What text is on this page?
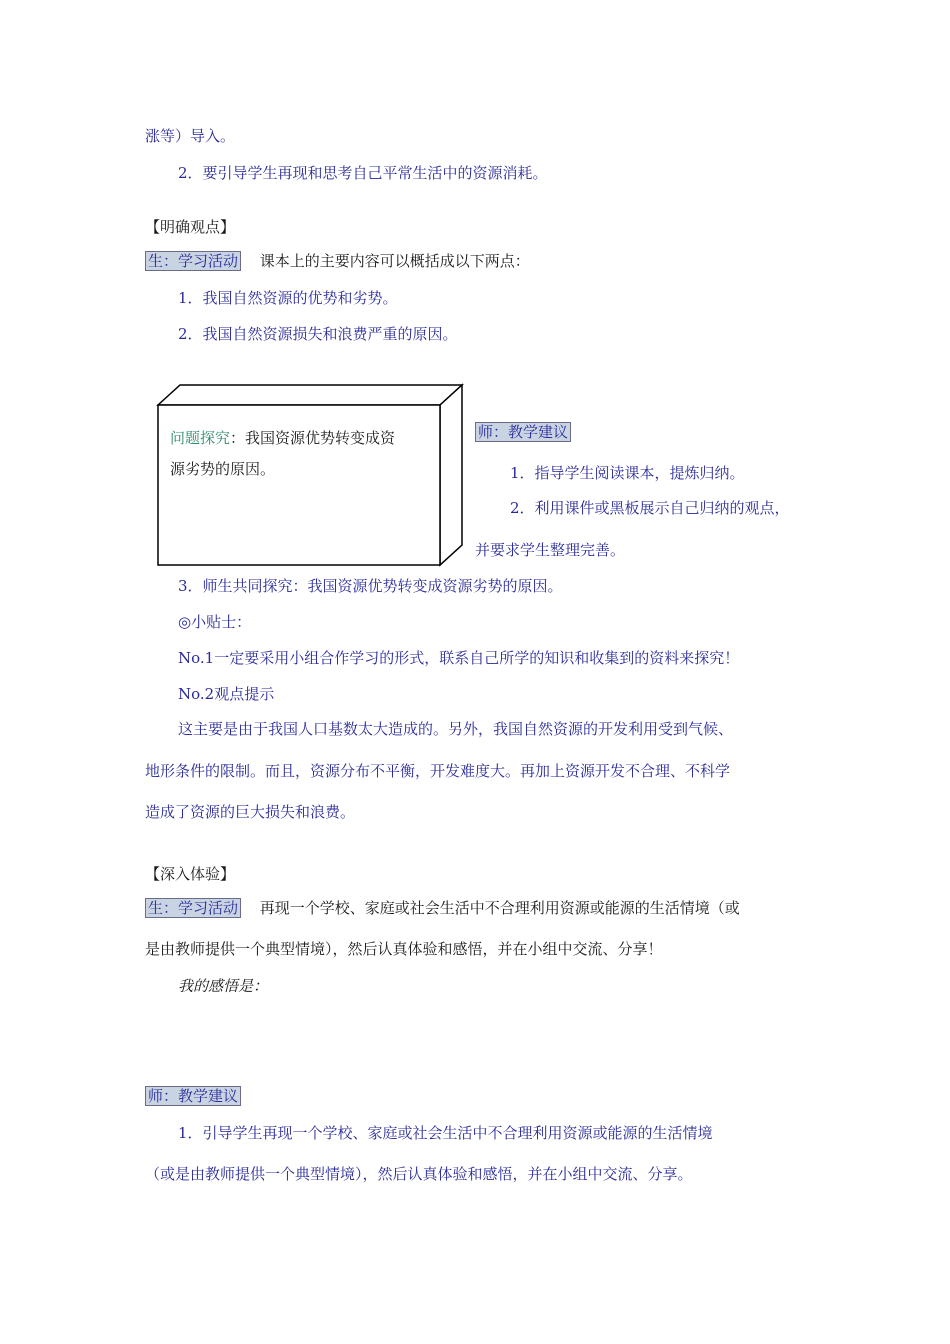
涨等）导入。
2．要引导学生再现和思考自己平常生活中的资源消耗。
【明确观点】
生：学习活动 课本上的主要内容可以概括成以下两点：
1．我国自然资源的优势和劣势。
2．我国自然资源损失和浪费严重的原因。
问题探究：我国资源优势转变成资
源劣势的原因。
师：教学建议
1．指导学生阅读课本，提炼归纳。
2．利用课件或黑板展示自己归纳的观点，
并要求学生整理完善。
3．师生共同探究：我国资源优势转变成资源劣势的原因。
◎小贴士：
No.1一定要采用小组合作学习的形式，联系自己所学的知识和收集到的资料来探究！
No.2观点提示
这主要是由于我国人口基数太大造成的。另外，我国自然资源的开发利用受到气候、
地形条件的限制。而且，资源分布不平衡，开发难度大。再加上资源开发不合理、不科学
造成了资源的巨大损失和浪费。
【深入体验】
生：学习活动 再现一个学校、家庭或社会生活中不合理利用资源或能源的生活情境（或
是由教师提供一个典型情境），然后认真体验和感悟，并在小组中交流、分享！
我的感悟是：
师：教学建议
1．引导学生再现一个学校、家庭或社会生活中不合理利用资源或能源的生活情境
（或是由教师提供一个典型情境），然后认真体验和感悟，并在小组中交流、分享。
